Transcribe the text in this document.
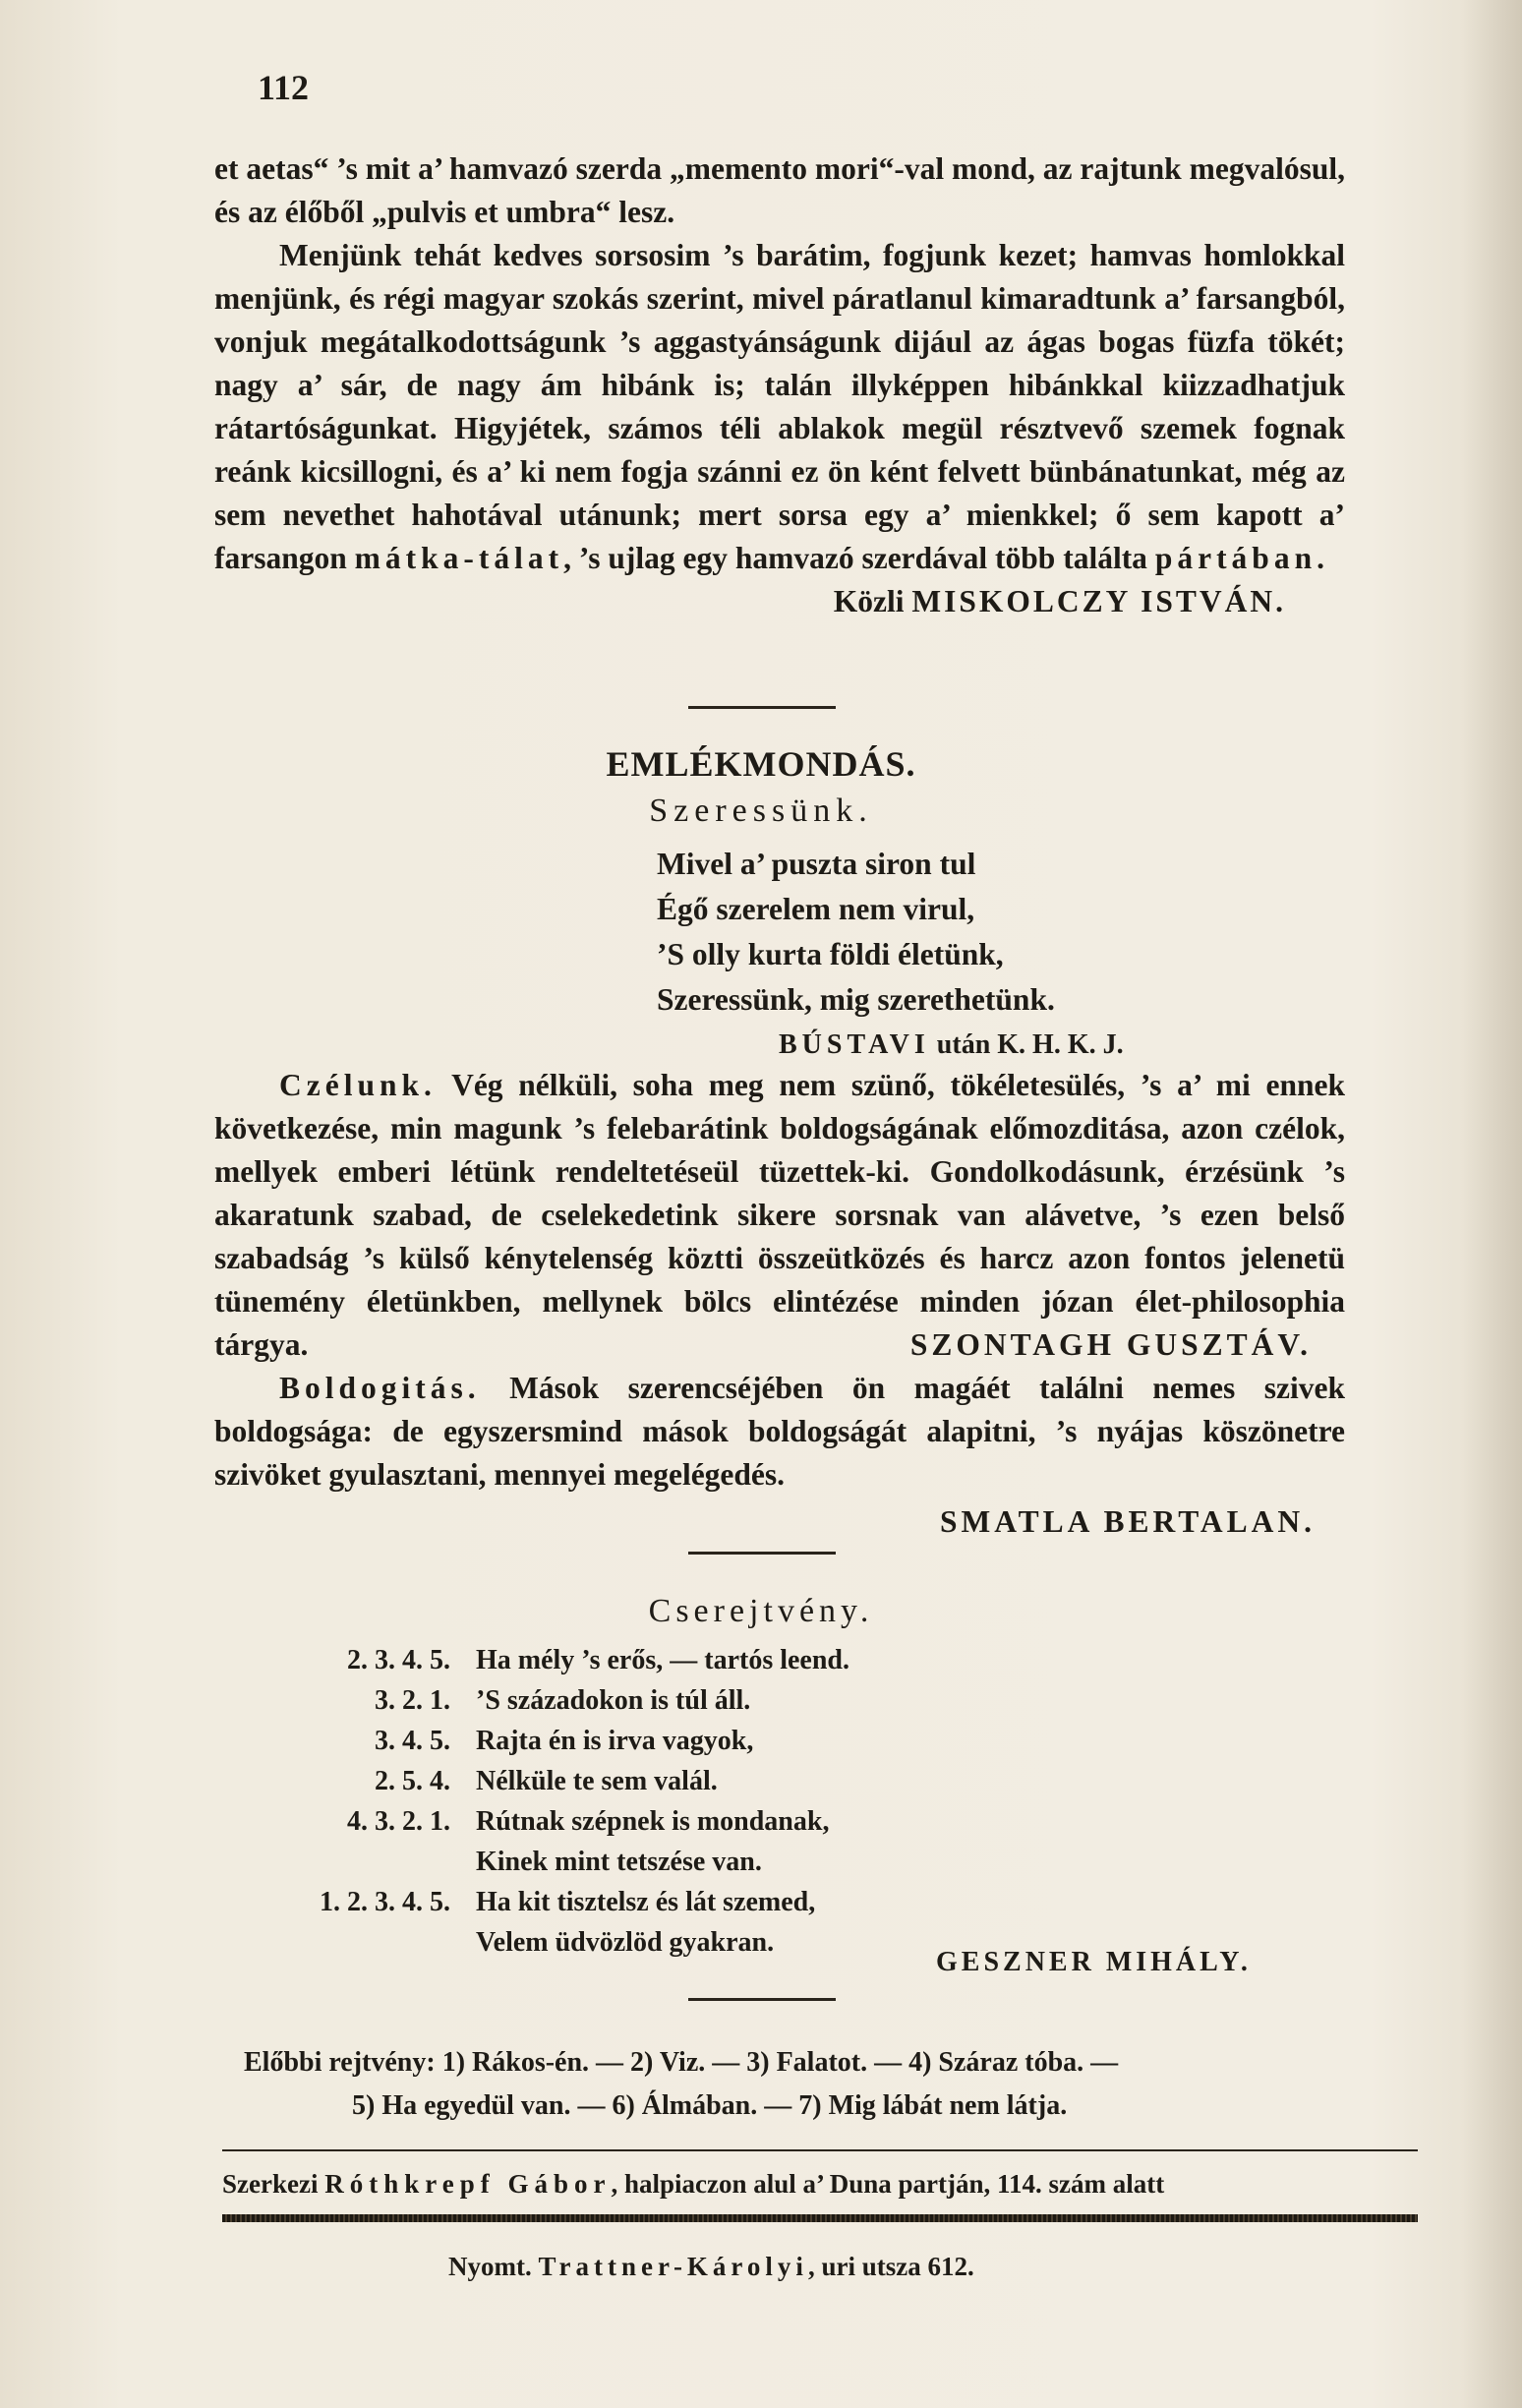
112

et aetas“ ’s mit a’ hamvazó szerda „memento mori“-val mond, az rajtunk megvalósul, és az élőből „pulvis et umbra“ lesz.

Menjünk tehát kedves sorsosim ’s barátim, fogjunk kezet; hamvas homlokkal menjünk, és régi magyar szokás szerint, mivel páratlanul kimaradtunk a’ farsangból, vonjuk megátalkodottságunk ’s aggastyánságunk dijául az ágas bogas füzfa tökét; nagy a’ sár, de nagy ám hibánk is; talán illyképpen hibánkkal kiizzadhatjuk rátartóságunkat. Higyjétek, számos téli ablakok megül résztvevő szemek fognak reánk kicsillogni, és a’ ki nem fogja szánni ez ön ként felvett bünbánatunkat, még az sem nevethet hahotával utánunk; mert sorsa egy a’ mienkkel; ő sem kapott a’ farsangon mátka-tálat, ’s ujlag egy hamvazó szerdával több találta pártában.

Közli MISKOLCZY ISTVÁN.

EMLÉKMONDÁS.
Szeressünk.
Mivel a’ puszta siron tul
Égő szerelem nem virul,
’S olly kurta földi életünk,
Szeressünk, mig szerethetünk.
BÚSTAVI után K. H. K. J.

Czélunk. Vég nélküli, soha meg nem szünő, tökéletesülés, ’s a’ mi ennek következése, min magunk ’s felebarátink boldogságának előmozditása, azon czélok, mellyek emberi létünk rendeltetéseül tüzettek-ki. Gondolkodásunk, érzésünk ’s akaratunk szabad, de cselekedetink sikere sorsnak van alávetve, ’s ezen belső szabadság ’s külső kénytelenség köztti összeütközés és harcz azon fontos jelenetü tünemény életünkben, mellynek bölcs elintézése minden józan élet-philosophia tárgya.	SZONTAGH GUSZTÁV.

Boldogitás. Mások szerencséjében ön magáét találni nemes szivek boldogsága: de egyszersmind mások boldogságát alapitni, ’s nyájas köszönetre szivöket gyulasztani, mennyei megelégedés.

SMATLA BERTALAN.

Cserejtvény.
2. 3. 4. 5. Ha mély ’s erős, — tartós leend.
3. 2. 1. ’S századokon is túl áll.
3. 4. 5. Rajta én is irva vagyok,
2. 5. 4. Nélküle te sem valál.
4. 3. 2. 1. Rútnak szépnek is mondanak,
Kinek mint tetszése van.
1. 2. 3. 4. 5. Ha kit tisztelsz és lát szemed,
Velem üdvözlöd gyakran.
GESZNER MIHÁLY.
Előbbi rejtvény: 1) Rákos-én. — 2) Viz. — 3) Falatot. — 4) Száraz tóba. —
5) Ha egyedül van. — 6) Álmában. — 7) Mig lábát nem látja.
Szerkezi Róthkrepf Gábor, halpiaczon alul a’ Duna partján, 114. szám alatt
Nyomt. Trattner-Károlyi, uri utsza 612.
